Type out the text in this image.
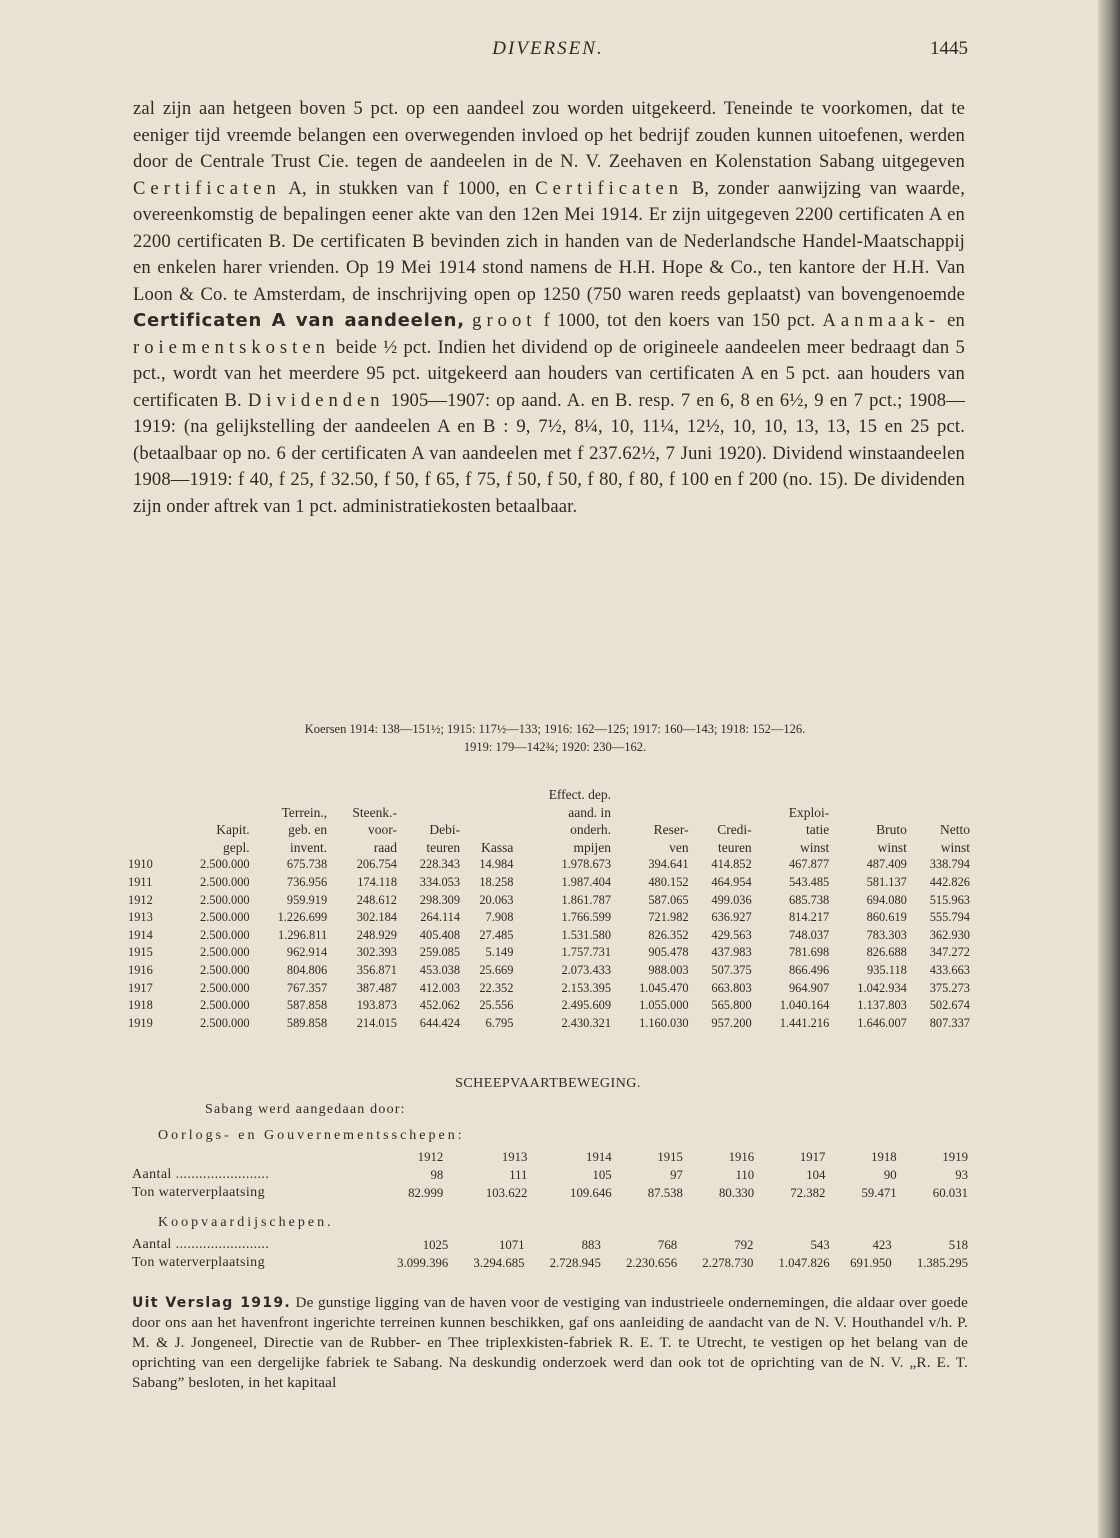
DIVERSEN.	1445
zal zijn aan hetgeen boven 5 pct. op een aandeel zou worden uitgekeerd. Teneinde te voorkomen, dat te eeniger tijd vreemde belangen een overwegenden invloed op het bedrijf zouden kunnen uitoefenen, werden door de Centrale Trust Cie. tegen de aandeelen in de N. V. Zeehaven en Kolenstation Sabang uitgegeven Certificaten A, in stukken van f 1000, en Certificaten B, zonder aanwijzing van waarde, overeenkomstig de bepalingen eener akte van den 12en Mei 1914. Er zijn uitgegeven 2200 certificaten A en 2200 certificaten B. De certificaten B bevinden zich in handen van de Nederlandsche Handel-Maatschappij en enkelen harer vrienden. Op 19 Mei 1914 stond namens de H.H. Hope & Co., ten kantore der H.H. Van Loon & Co. te Amsterdam, de inschrijving open op 1250 (750 waren reeds geplaatst) van bovengenoemde Certificaten A van aandeelen, groot f 1000, tot den koers van 150 pct. Aanmaak- en roiementskosten beide ½ pct. Indien het dividend op de origineele aandeelen meer bedraagt dan 5 pct., wordt van het meerdere 95 pct. uitgekeerd aan houders van certificaten A en 5 pct. aan houders van certificaten B. Dividenden 1905—1907: op aand. A. en B. resp. 7 en 6, 8 en 6½, 9 en 7 pct.; 1908—1919: (na gelijkstelling der aandeelen A en B : 9, 7½, 8¼, 10, 11¼, 12½, 10, 10, 13, 13, 15 en 25 pct. (betaalbaar op no. 6 der certificaten A van aandeelen met f 237.62½, 7 Juni 1920). Dividend winstaandeelen 1908—1919: f 40, f 25, f 32.50, f 50, f 65, f 75, f 50, f 50, f 80, f 80, f 100 en f 200 (no. 15). De dividenden zijn onder aftrek van 1 pct. administratiekosten betaalbaar.
Koersen 1914: 138—151½; 1915: 117½—133; 1916: 162—125; 1917: 160—143; 1918: 152—126.
1919: 179—142¾; 1920: 230—162.
						Effect. dep.					
		Terrein.,	Steenk.-			aand. in			Exploi-		
	Kapit.	geb. en	voor-	Debi-		onderh.	Reser-	Credi-	tatie	Bruto	Netto
	gepl.	invent.	raad	teuren	Kassa	mpijen	ven	teuren	winst	winst	winst
1910	2.500.000	675.738	206.754	228.343	14.984	1.978.673	394.641	414.852	467.877	487.409	338.794
1911	2.500.000	736.956	174.118	334.053	18.258	1.987.404	480.152	464.954	543.485	581.137	442.826
1912	2.500.000	959.919	248.612	298.309	20.063	1.861.787	587.065	499.036	685.738	694.080	515.963
1913	2.500.000	1.226.699	302.184	264.114	7.908	1.766.599	721.982	636.927	814.217	860.619	555.794
1914	2.500.000	1.296.811	248.929	405.408	27.485	1.531.580	826.352	429.563	748.037	783.303	362.930
1915	2.500.000	962.914	302.393	259.085	5.149	1.757.731	905.478	437.983	781.698	826.688	347.272
1916	2.500.000	804.806	356.871	453.038	25.669	2.073.433	988.003	507.375	866.496	935.118	433.663
1917	2.500.000	767.357	387.487	412.003	22.352	2.153.395	1.045.470	663.803	964.907	1.042.934	375.273
1918	2.500.000	587.858	193.873	452.062	25.556	2.495.609	1.055.000	565.800	1.040.164	1.137.803	502.674
1919	2.500.000	589.858	214.015	644.424	6.795	2.430.321	1.160.030	957.200	1.441.216	1.646.007	807.337
SCHEEPVAARTBEWEGING.
Sabang werd aangedaan door:
Oorlogs- en Gouvernementsschepen:
	1912	1913	1914	1915	1916	1917	1918	1919
Aantal ........................	98	111	105	97	110	104	90	93
Ton waterverplaatsing	82.999	103.622	109.646	87.538	80.330	72.382	59.471	60.031
Koopvaardijschepen.
Aantal ........................	1025	1071	883	768	792	543	423	518
Ton waterverplaatsing	3.099.396	3.294.685	2.728.945	2.230.656	2.278.730	1.047.826	691.950	1.385.295
Uit Verslag 1919. De gunstige ligging van de haven voor de vestiging van industrieele ondernemingen, die aldaar over goede door ons aan het havenfront ingerichte terreinen kunnen beschikken, gaf ons aanleiding de aandacht van de N. V. Houthandel v/h. P. M. & J. Jongeneel, Directie van de Rubber- en Thee triplexkisten-fabriek R. E. T. te Utrecht, te vestigen op het belang van de oprichting van een dergelijke fabriek te Sabang. Na deskundig onderzoek werd dan ook tot de oprichting van de N. V. „R. E. T. Sabang” besloten, in het kapitaal
